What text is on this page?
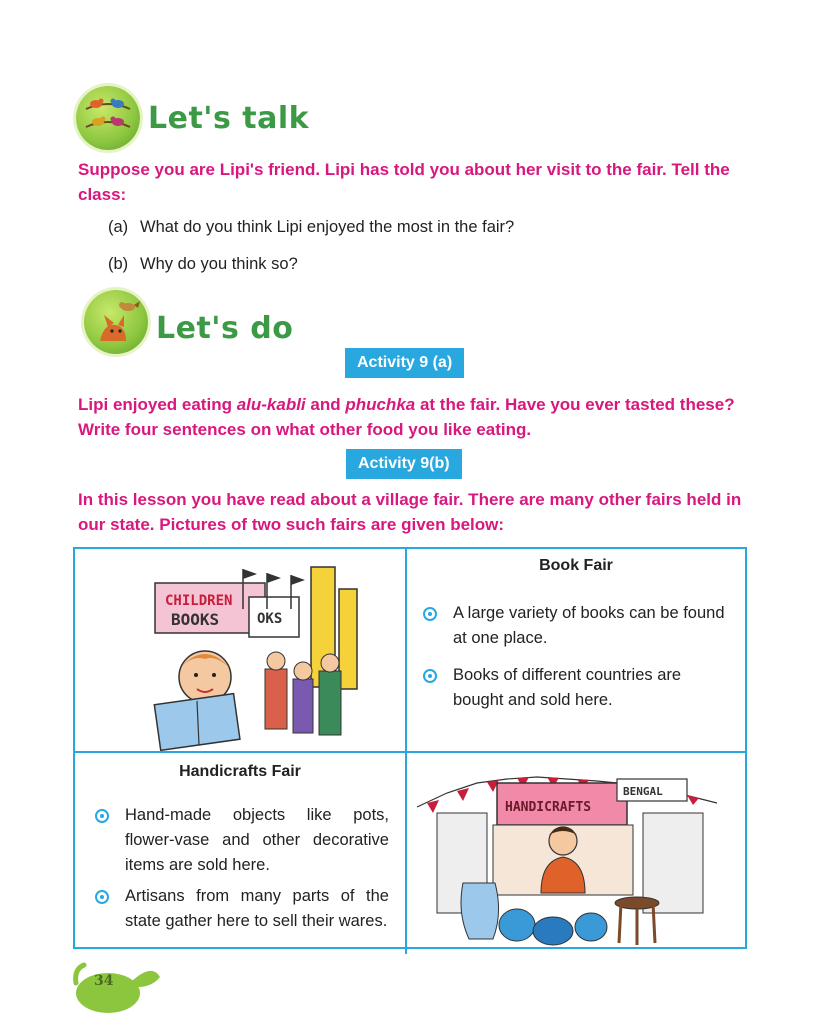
Let's talk
Suppose you are Lipi's friend. Lipi has told you about her visit to the fair. Tell the class:
(a) What do you think Lipi enjoyed the most in the fair?
(b) Why do you think so?
Let's do
Activity 9 (a)
Lipi enjoyed eating alu-kabli and phuchka at the fair. Have you ever tasted these? Write four sentences on what other food you like eating.
Activity 9(b)
In this lesson you have read about a village fair. There are many other fairs held in our state. Pictures of two such fairs are given below:
CHILDREN
BOOKS	OKS
Book Fair
A large variety of books can be found at one place.
Books of different countries are bought and sold here.
Handicrafts Fair
Hand-made objects like pots, flower-vase and other decorative items are sold here.
Artisans from many parts of the state gather here to sell their wares.
HANDICRAFTS
BENGAL
34
